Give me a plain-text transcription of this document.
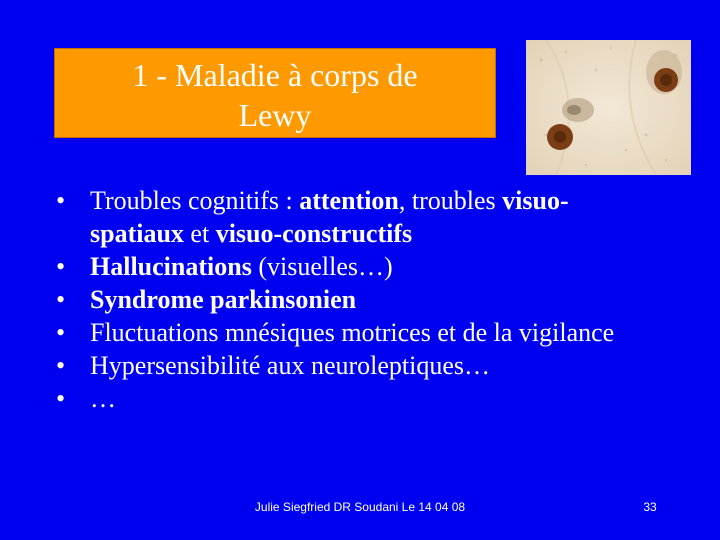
1 - Maladie à corps de
Lewy
• Troubles cognitifs : attention, troubles visuo-spatiaux et visuo-constructifs
• Hallucinations (visuelles…)
• Syndrome parkinsonien
• Fluctuations mnésiques motrices et de la vigilance
• Hypersensibilité aux neuroleptiques…
• …
Julie Siegfried DR Soudani Le 14 04 08	33
